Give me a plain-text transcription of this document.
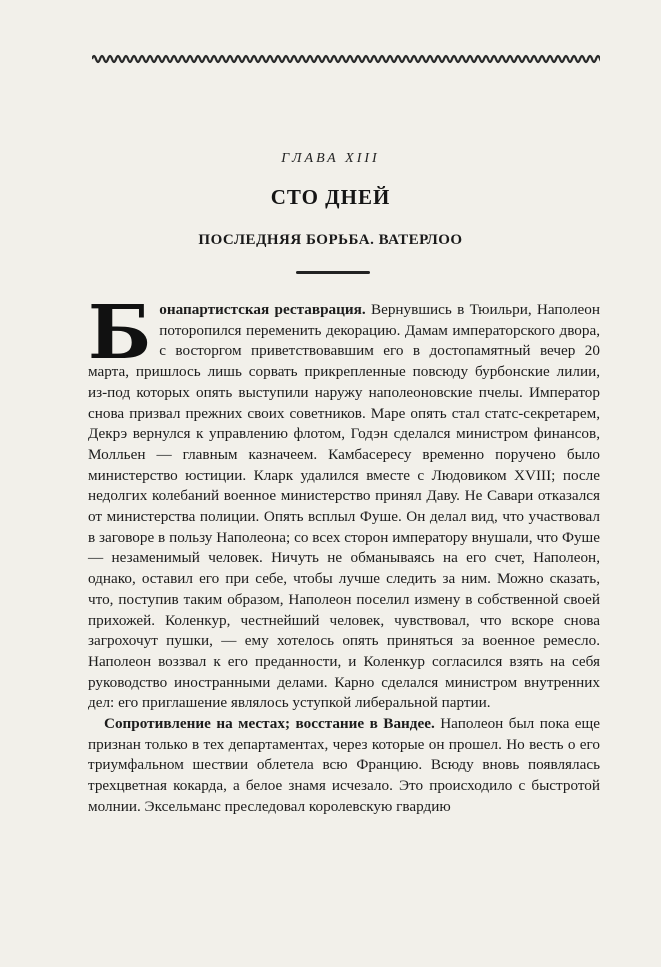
ГЛАВА XIII
СТО ДНЕЙ
ПОСЛЕДНЯЯ БОРЬБА. ВАТЕРЛОО

Бонапартистская реставрация. Вернувшись в Тюильри, Наполеон поторопился переменить декорацию. Дамам императорского двора, с восторгом приветствовавшим его в достопамятный вечер 20 марта, пришлось лишь сорвать прикрепленные повсюду бурбонские лилии, из-под которых опять выступили наружу наполеоновские пчелы. Император снова призвал прежних своих советников. Маре опять стал статс-секретарем, Декрэ вернулся к управлению флотом, Годэн сделался министром финансов, Молльен — главным казначеем. Камбасересу временно поручено было министерство юстиции. Кларк удалился вместе с Людовиком XVIII; после недолгих колебаний военное министерство принял Даву. Не Савари отказался от министерства полиции. Опять всплыл Фуше. Он делал вид, что участвовал в заговоре в пользу Наполеона; со всех сторон императору внушали, что Фуше — незаменимый человек. Ничуть не обманываясь на его счет, Наполеон, однако, оставил его при себе, чтобы лучше следить за ним. Можно сказать, что, поступив таким образом, Наполеон поселил измену в собственной своей прихожей. Коленкур, честнейший человек, чувствовал, что вскоре снова загрохочут пушки, — ему хотелось опять приняться за военное ремесло. Наполеон воззвал к его преданности, и Коленкур согласился взять на себя руководство иностранными делами. Карно сделался министром внутренних дел: его приглашение являлось уступкой либеральной партии.

Сопротивление на местах; восстание в Вандее. Наполеон был пока еще признан только в тех департаментах, через которые он прошел. Но весть о его триумфальном шествии облетела всю Францию. Всюду вновь появлялась трехцветная кокарда, а белое знамя исчезало. Это происходило с быстротой молнии. Эксельманс преследовал королевскую гвардию
